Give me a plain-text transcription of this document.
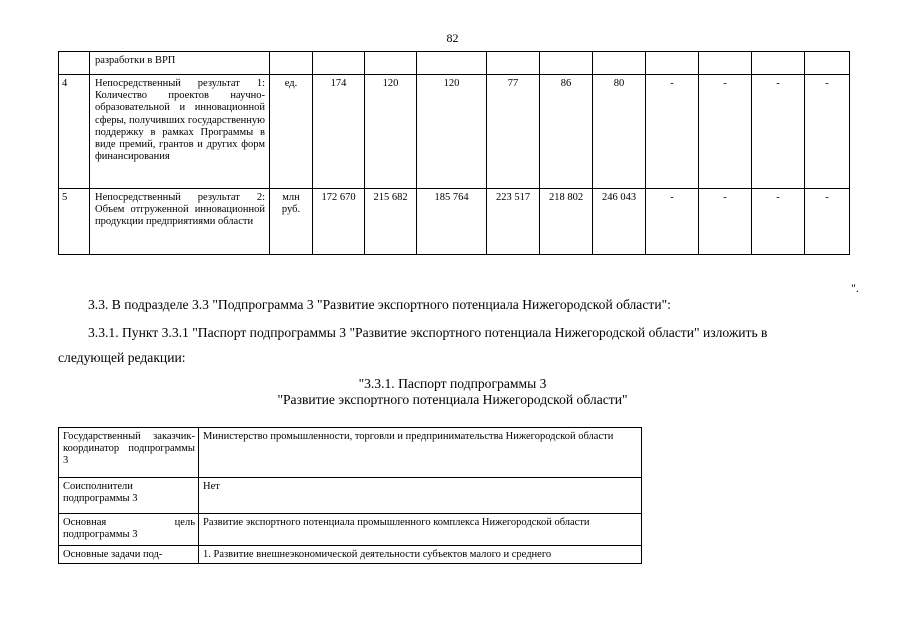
82
	разработки в ВРП											
4	Непосредственный результат 1: Количество проектов научно-образовательной и инновационной сферы, получивших государственную поддержку в рамках Программы в виде премий, грантов и других форм финансирования	ед.	174	120	120	77	86	80	-	-	-	-
5	Непосредственный результат 2: Объем отгруженной инновационной продукции предприятиями области	млн руб.	172 670	215 682	185 764	223 517	218 802	246 043	-	-	-	-
".
3.3. В подразделе 3.3 "Подпрограмма 3 "Развитие экспортного потенциала Нижегородской области":
3.3.1. Пункт 3.3.1 "Паспорт подпрограммы 3 "Развитие экспортного потенциала Нижегородской области" изложить в
следующей редакции:
"3.3.1. Паспорт подпрограммы 3
"Развитие экспортного потенциала Нижегородской области"
Государственный заказчик-координатор подпрограммы 3	Министерство промышленности, торговли и предпринимательства Нижегородской области
Соисполнители подпрограммы 3	Нет
Основная цель подпрограммы 3	Развитие экспортного потенциала промышленного комплекса Нижегородской области
Основные задачи под-	1. Развитие внешнеэкономической деятельности субъектов малого и среднего
